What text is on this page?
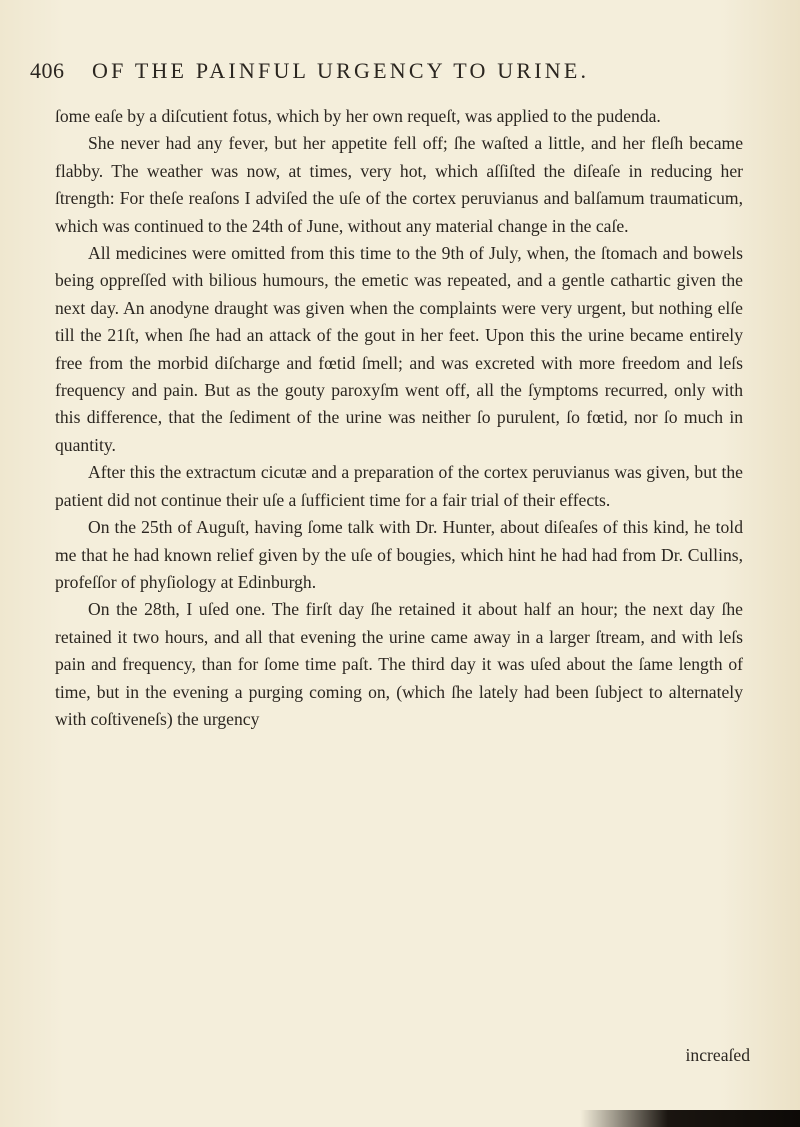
406 OF THE PAINFUL URGENCY TO URINE.

ſome eaſe by a diſcutient fotus, which by her own requeſt, was applied to the pudenda.

She never had any fever, but her appetite fell off; ſhe waſted a little, and her fleſh became flabby. The weather was now, at times, very hot, which aſſiſted the diſeaſe in reducing her ſtrength: For theſe reaſons I adviſed the uſe of the cortex peruvianus and balſamum traumaticum, which was continued to the 24th of June, without any material change in the caſe.

All medicines were omitted from this time to the 9th of July, when, the ſtomach and bowels being oppreſſed with bilious humours, the emetic was repeated, and a gentle cathartic given the next day. An anodyne draught was given when the complaints were very urgent, but nothing elſe till the 21ſt, when ſhe had an attack of the gout in her feet. Upon this the urine became entirely free from the morbid diſcharge and fœtid ſmell; and was excreted with more freedom and leſs frequency and pain. But as the gouty paroxyſm went off, all the ſymptoms recurred, only with this difference, that the ſediment of the urine was neither ſo purulent, ſo fœtid, nor ſo much in quantity.

After this the extractum cicutæ and a preparation of the cortex peruvianus was given, but the patient did not continue their uſe a ſufficient time for a fair trial of their effects.

On the 25th of Auguſt, having ſome talk with Dr. Hunter, about diſeaſes of this kind, he told me that he had known relief given by the uſe of bougies, which hint he had had from Dr. Cullins, profeſſor of phyſiology at Edinburgh.

On the 28th, I uſed one. The firſt day ſhe retained it about half an hour; the next day ſhe retained it two hours, and all that evening the urine came away in a larger ſtream, and with leſs pain and frequency, than for ſome time paſt. The third day it was uſed about the ſame length of time, but in the evening a purging coming on, (which ſhe lately had been ſubject to alternately with coſtiveneſs) the urgency

increaſed
